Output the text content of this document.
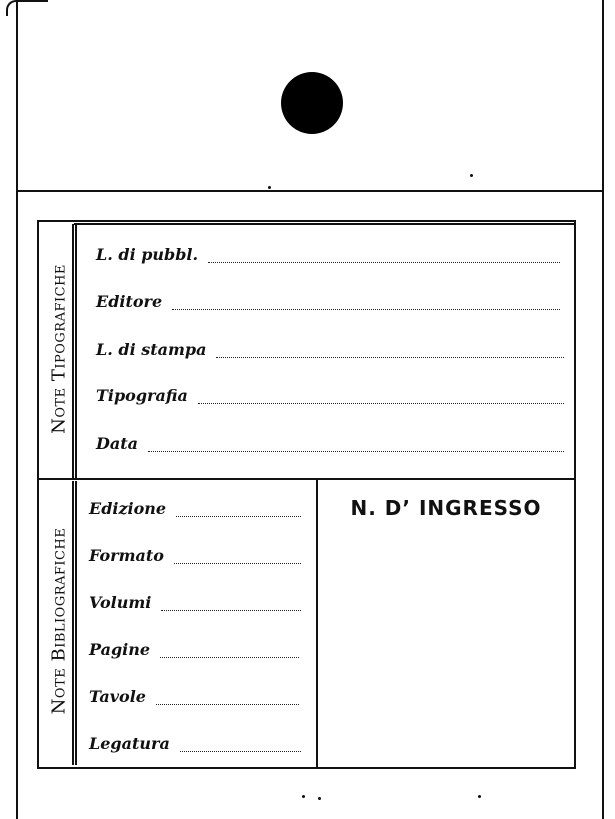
Note Tipografiche
Note Bibliografiche
L. di pubbl.
Editore
L. di stampa
Tipografia
Data
Edizione
Formato
Volumi
Pagine
Tavole
Legatura
N. D’ INGRESSO
